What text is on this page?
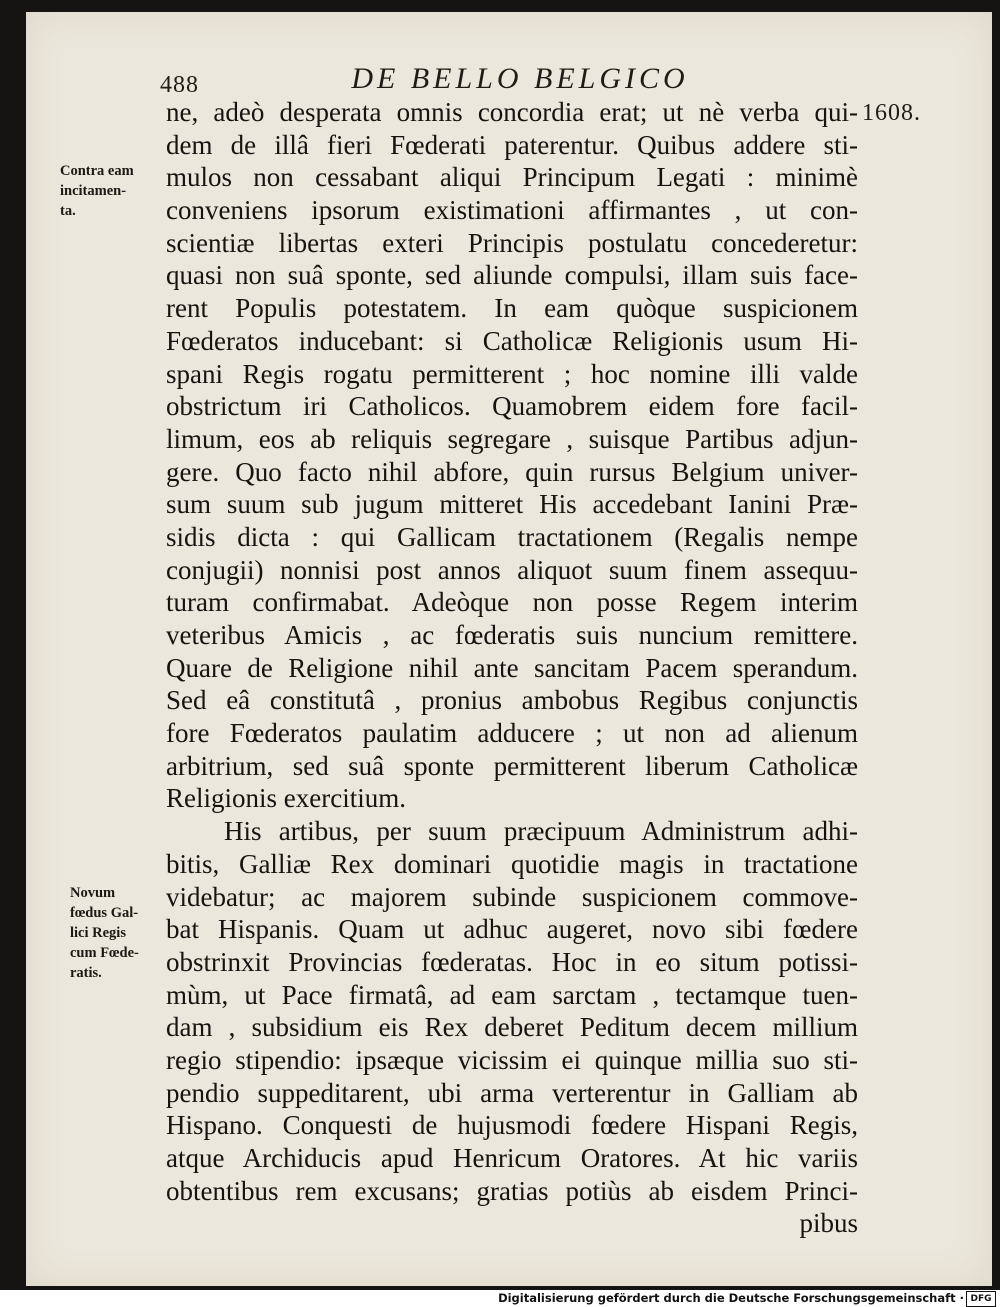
488	DE BELLO BELGICO
1608.
Contra eam
incitamen-
ta.
Novum
fœdus Gal-
lici Regis
cum Fœde-
ratis.
ne, adeò desperata omnis concordia erat; ut nè verba qui-
dem de illâ fieri Fœderati paterentur. Quibus addere sti-
mulos non cessabant aliqui Principum Legati : minimè
conveniens ipsorum existimationi affirmantes , ut con-
scientiæ libertas exteri Principis postulatu concederetur:
quasi non suâ sponte, sed aliunde compulsi, illam suis face-
rent Populis potestatem. In eam quòque suspicionem
Fœderatos inducebant: si Catholicæ Religionis usum Hi-
spani Regis rogatu permitterent ; hoc nomine illi valde
obstrictum iri Catholicos. Quamobrem eidem fore facil-
limum, eos ab reliquis segregare , suisque Partibus adjun-
gere. Quo facto nihil abfore, quin rursus Belgium univer-
sum suum sub jugum mitteret His accedebant Ianini Præ-
sidis dicta : qui Gallicam tractationem (Regalis nempe
conjugii) nonnisi post annos aliquot suum finem assequu-
turam confirmabat. Adeòque non posse Regem interim
veteribus Amicis , ac fœderatis suis nuncium remittere.
Quare de Religione nihil ante sancitam Pacem sperandum.
Sed eâ constitutâ , pronius ambobus Regibus conjunctis
fore Fœderatos paulatim adducere ; ut non ad alienum
arbitrium, sed suâ sponte permitterent liberum Catholicæ
Religionis exercitium.
His artibus, per suum præcipuum Administrum adhi-
bitis, Galliæ Rex dominari quotidie magis in tractatione
videbatur; ac majorem subinde suspicionem commove-
bat Hispanis. Quam ut adhuc augeret, novo sibi fœdere
obstrinxit Provincias fœderatas. Hoc in eo situm potissi-
mùm, ut Pace firmatâ, ad eam sarctam , tectamque tuen-
dam , subsidium eis Rex deberet Peditum decem millium
regio stipendio: ipsæque vicissim ei quinque millia suo sti-
pendio suppeditarent, ubi arma verterentur in Galliam ab
Hispano. Conquesti de hujusmodi fœdere Hispani Regis,
atque Archiducis apud Henricum Oratores. At hic variis
obtentibus rem excusans; gratias potiùs ab eisdem Princi-
pibus
Digitalisierung gefördert durch die Deutsche Forschungsgemeinschaft · DFG
